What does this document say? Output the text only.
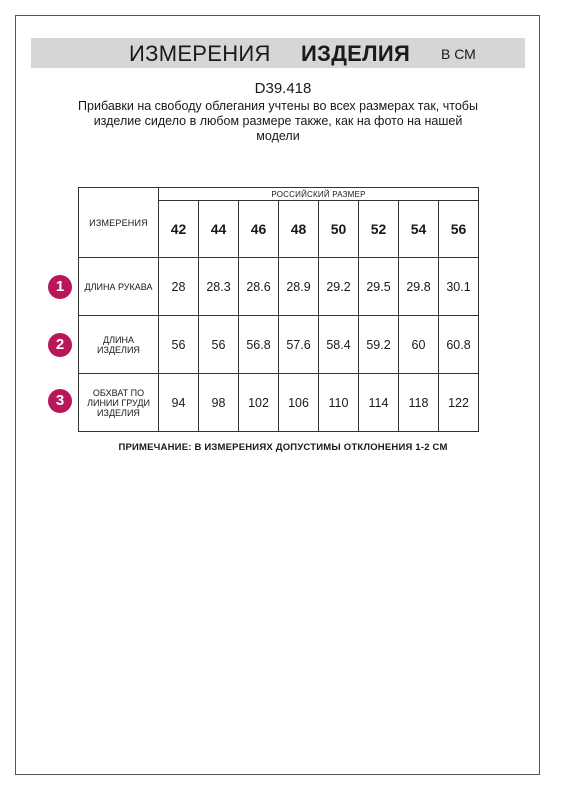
ИЗМЕРЕНИЯ ИЗДЕЛИЯ В СМ
D39.418
Прибавки на свободу облегания учтены во всех размерах так, чтобы
изделие сидело в любом размере также, как на фото на нашей
модели
ИЗМЕРЕНИЯ	РОССИЙСКИЙ РАЗМЕР							
	42	44	46	48	50	52	54	56
ДЛИНА РУКАВА	28	28.3	28.6	28.9	29.2	29.5	29.8	30.1

ДЛИНА
ИЗДЕЛИЯ	56	56	56.8	57.6	58.4	59.2	60	60.8

ОБХВАТ ПО
ЛИНИИ ГРУДИ
ИЗДЕЛИЯ	94	98	102	106	110	114	118	122
1
2
3
ПРИМЕЧАНИЕ: В ИЗМЕРЕНИЯХ ДОПУСТИМЫ ОТКЛОНЕНИЯ 1-2 СМ
